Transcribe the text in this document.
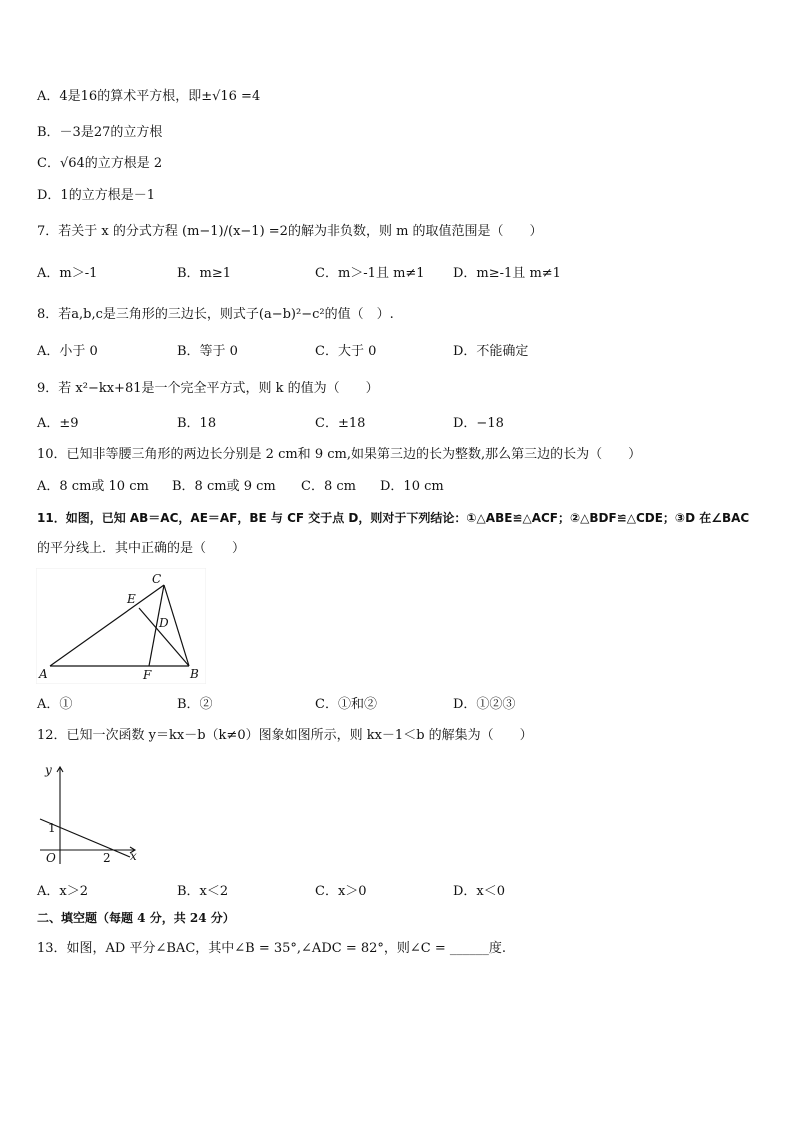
A．4是16的算术平方根，即±√16 =4
B．－3是27的立方根
C．√64的立方根是 2
D．1的立方根是－1
7．若关于 x 的分式方程 (m−1)/(x−1) =2的解为非负数，则 m 的取值范围是（　　）
A．m＞-1	B．m≥1	C．m＞-1且 m≠1 D．m≥-1且 m≠1
8．若a,b,c是三角形的三边长，则式子(a−b)²−c²的值（　）.
A．小于 0	B．等于 0	C．大于 0	D．不能确定
9．若 x²−kx+81是一个完全平方式，则 k 的值为（　　）
A．±9	B．18	C．±18	D．−18
10．已知非等腰三角形的两边长分别是 2 cm和 9 cm,如果第三边的长为整数,那么第三边的长为（　　）
A．8 cm或 10 cm B．8 cm或 9 cm C．8 cm D．10 cm
11．如图，已知 AB＝AC，AE＝AF，BE 与 CF 交于点 D，则对于下列结论：①△ABE≌△ACF；②△BDF≌△CDE；③D 在∠BAC
的平分线上．其中正确的是（　　）
A	B
C
D
E
F
A．①	B．②	C．①和②	D．①②③
12．已知一次函数 y＝kx－b（k≠0）图象如图所示，则 kx－1＜b 的解集为（　　）
y
x
O
1
2
A．x＞2	B．x＜2	C．x＞0	D．x＜0
二、填空题（每题 4 分，共 24 分）
13．如图，AD 平分∠BAC，其中∠B = 35°,∠ADC = 82°，则∠C = ______度.
